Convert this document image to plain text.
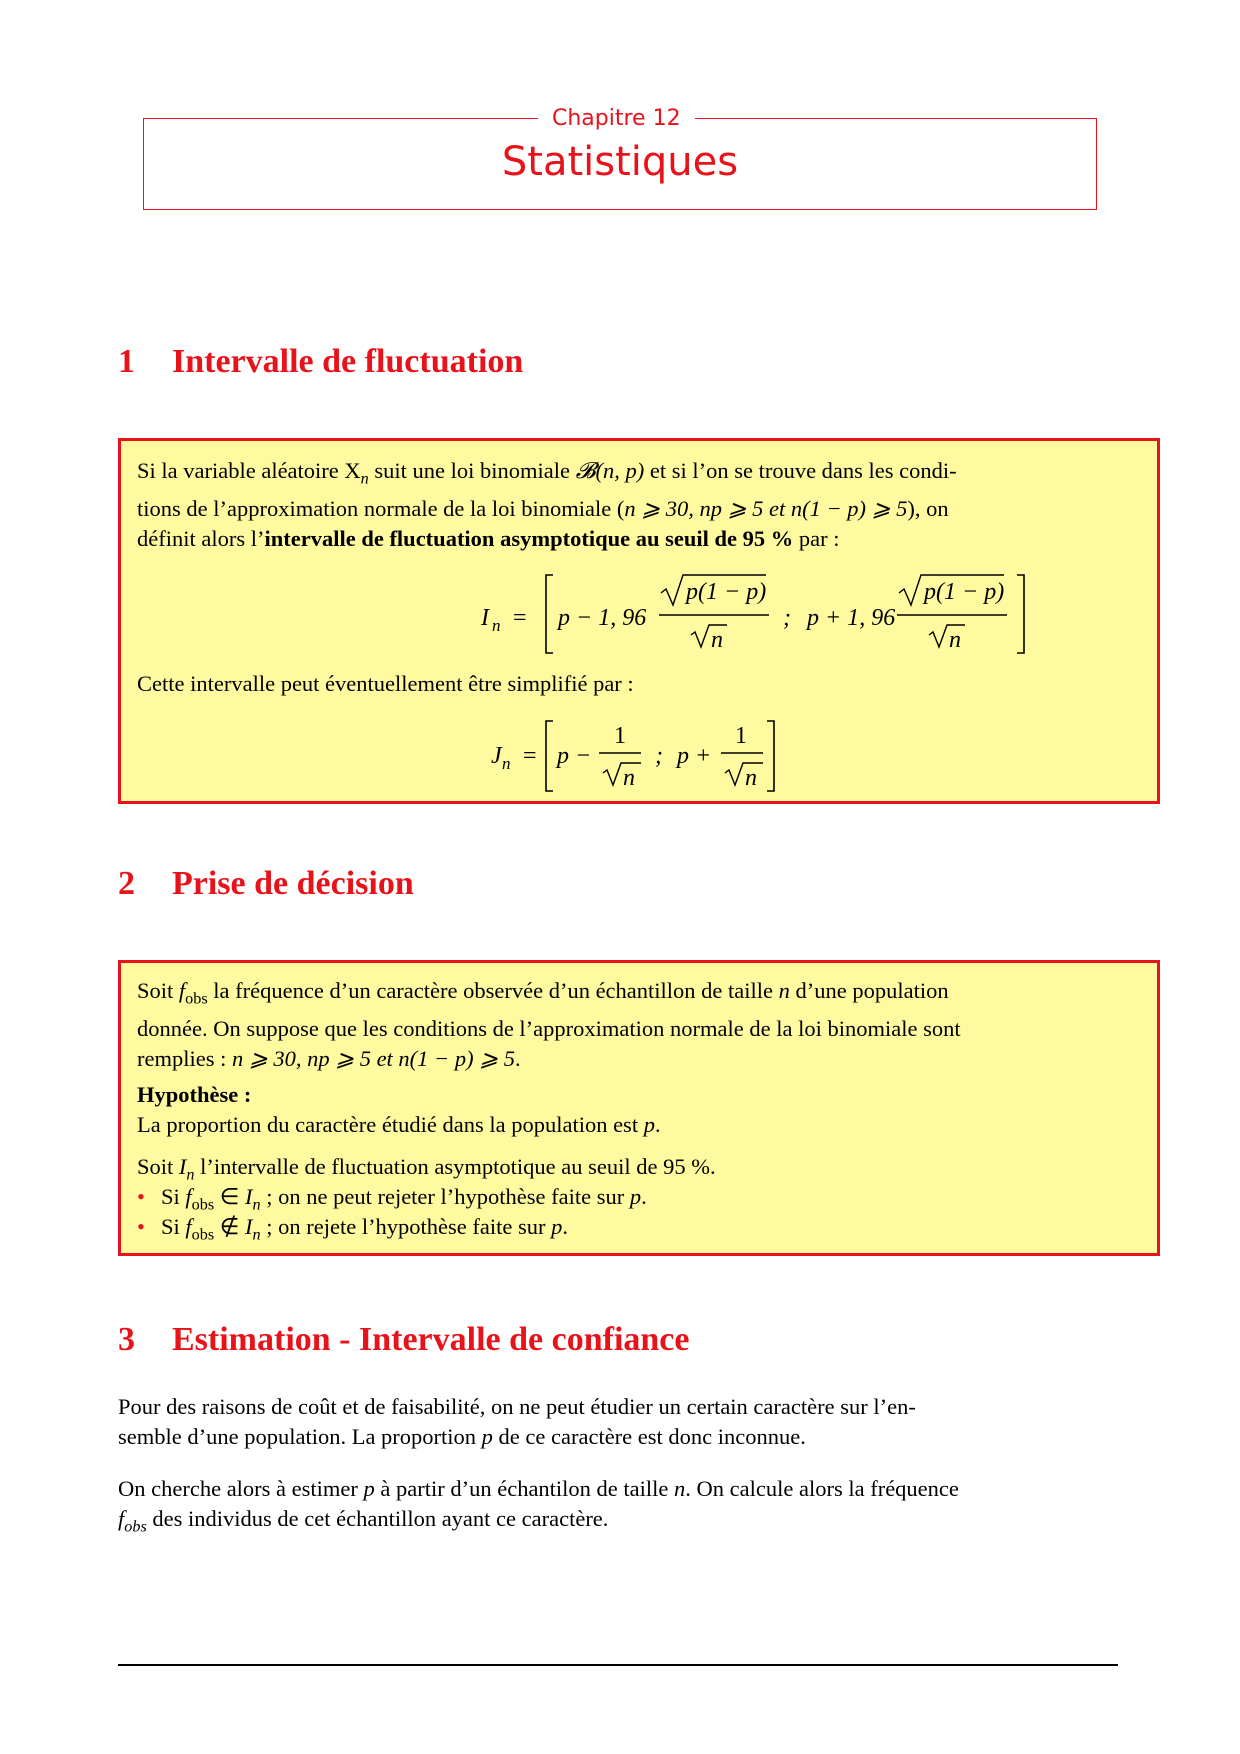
Chapitre 12
Statistiques
1 Intervalle de fluctuation
Si la variable aléatoire $X_n$ suit une loi binomiale 𝓑(n, p) et si l’on se trouve dans les condi-
tions de l’approximation normale de la loi binomiale (n ⩾ 30, np ⩾ 5 et n(1 − p) ⩾ 5), on
définit alors l’intervalle de fluctuation asymptotique au seuil de 95 % par :
I n = p − 1, 96
p(1 − p)
n
; p + 1, 96
p(1 − p)
n
Cette intervalle peut éventuellement être simplifié par :
J n = p −
1
n
; p +
1
n
2 Prise de décision
Soit $f_{obs}$ la fréquence d’un caractère observée d’un échantillon de taille n d’une population
donnée. On suppose que les conditions de l’approximation normale de la loi binomiale sont
remplies : n ⩾ 30, np ⩾ 5 et n(1 − p) ⩾ 5.
Hypothèse :
La proportion du caractère étudié dans la population est p.
Soit $I_n$ l’intervalle de fluctuation asymptotique au seuil de 95 %.
• Si $f_{obs}$ ∈ $I_n$ ; on ne peut rejeter l’hypothèse faite sur p.
• Si $f_{obs}$ ∉ $I_n$ ; on rejete l’hypothèse faite sur p.
3 Estimation - Intervalle de confiance
Pour des raisons de coût et de faisabilité, on ne peut étudier un certain caractère sur l’en-
semble d’une population. La proportion p de ce caractère est donc inconnue.
On cherche alors à estimer p à partir d’un échantilon de taille n. On calcule alors la fréquence
$f_{obs}$ des individus de cet échantillon ayant ce caractère.
